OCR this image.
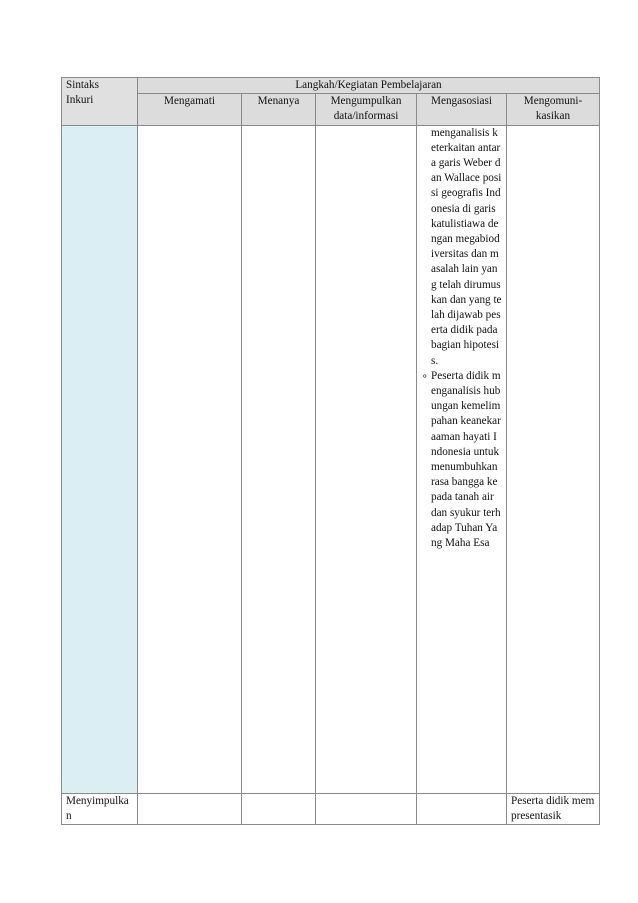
Sintaks
Inkuri	Langkah/Kegiatan Pembelajaran				
	Mengamati	Menanya	Mengumpulkan data/informasi	Mengasosiasi	Mengomuni-kasikan

				menganalisis keterkaitan antara garis Weber dan Wallace posisi geografis Indonesia di garis katulistiawa dengan megabiodiversitas dan masalah lain yang telah dirumuskan dan yang telah dijawab peserta didik pada bagian hipotesis.
⚬ Peserta didik menganalisis hubungan kemelimpahan keanekaraaman hayati Indonesia untuk menumbuhkan rasa bangga kepada tanah air dan syukur terhadap Tuhan Yang Maha Esa	

Menyimpulkan					Peserta didik mempresentasik
